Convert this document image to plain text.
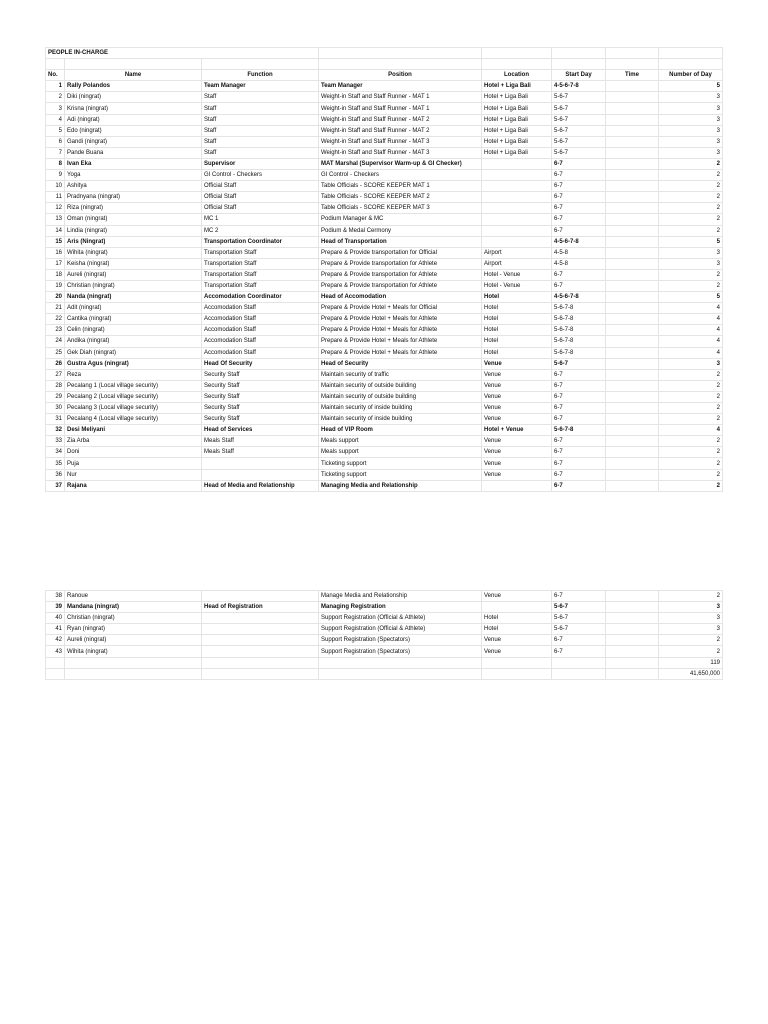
PEOPLE IN-CHARGE							

No.	Name	Function	Position	Location	Start Day	Time	Number of Day
1	Rally Polandos	Team Manager	Team Manager	Hotel + Liga Bali	4-5-6-7-8		5
2	Diki (ningrat)	Staff	Weight-in Staff and Staff Runner - MAT 1	Hotel + Liga Bali	5-6-7		3
3	Krisna (ningrat)	Staff	Weight-in Staff and Staff Runner - MAT 1	Hotel + Liga Bali	5-6-7		3
4	Adi (ningrat)	Staff	Weight-in Staff and Staff Runner - MAT 2	Hotel + Liga Bali	5-6-7		3
5	Edo (ningrat)	Staff	Weight-in Staff and Staff Runner - MAT 2	Hotel + Liga Bali	5-6-7		3
6	Gandi (ningrat)	Staff	Weight-in Staff and Staff Runner - MAT 3	Hotel + Liga Bali	5-6-7		3
7	Pande Buana	Staff	Weight-in Staff and Staff Runner - MAT 3	Hotel + Liga Bali	5-6-7		3
8	Ivan Eka	Supervisor	MAT Marshal (Supervisor Warm-up & GI Checker)		6-7		2
9	Yoga	GI Control - Checkers	GI Control - Checkers		6-7		2
10	Ashitya	Official Staff	Table Officials - SCORE KEEPER MAT 1		6-7		2
11	Pradnyana (ningrat)	Official Staff	Table Officials - SCORE KEEPER MAT 2		6-7		2
12	Riza (ningrat)	Official Staff	Table Officials - SCORE KEEPER MAT 3		6-7		2
13	Oman (ningrat)	MC 1	Podium Manager & MC		6-7		2
14	Lindia (ningrat)	MC 2	Podium & Medal Cermony		6-7		2
15	Aris (Ningrat)	Transportation Coordinator	Head of Transportation		4-5-6-7-8		5
16	Wihita (ningrat)	Transportation Staff	Prepare & Provide transportation for Official	Airport	4-5-8		3
17	Keisha (ningrat)	Transportation Staff	Prepare & Provide transportation for Athlete	Airport	4-5-8		3
18	Aureli (ningrat)	Transportation Staff	Prepare & Provide transportation for Athlete	Hotel - Venue	6-7		2
19	Christian (ningrat)	Transportation Staff	Prepare & Provide transportation for Athlete	Hotel - Venue	6-7		2
20	Nanda (ningrat)	Accomodation Coordinator	Head of Accomodation	Hotel	4-5-6-7-8		5
21	Adit (ningrat)	Accomodation Staff	Prepare & Provide Hotel + Meals for Official	Hotel	5-6-7-8		4
22	Cantika (ningrat)	Accomodation Staff	Prepare & Provide Hotel + Meals for Athlete	Hotel	5-6-7-8		4
23	Celin (ningrat)	Accomodation Staff	Prepare & Provide Hotel + Meals for Athlete	Hotel	5-6-7-8		4
24	Andika (ningrat)	Accomodation Staff	Prepare & Provide Hotel + Meals for Athlete	Hotel	5-6-7-8		4
25	Gek Diah (ningrat)	Accomodation Staff	Prepare & Provide Hotel + Meals for Athlete	Hotel	5-6-7-8		4
26	Gustra Agus (ningrat)	Head Of Security	Head of Security	Venue	5-6-7		3
27	Reza	Security Staff	Maintain security of traffic	Venue	6-7		2
28	Pecalang 1 (Local village security)	Security Staff	Maintain security of outside building	Venue	6-7		2
29	Pecalang 2 (Local village security)	Security Staff	Maintain security of outside building	Venue	6-7		2
30	Pecalang 3 (Local village security)	Security Staff	Maintain security of inside building	Venue	6-7		2
31	Pecalang 4 (Local village security)	Security Staff	Maintain security of inside building	Venue	6-7		2
32	Desi Meliyani	Head of Services	Head of VIP Room	Hotel + Venue	5-6-7-8		4
33	Zia Arba	Meals Staff	Meals support	Venue	6-7		2
34	Doni	Meals Staff	Meals support	Venue	6-7		2
35	Puja		Ticketing support	Venue	6-7		2
36	Nur		Ticketing support	Venue	6-7		2
37	Rajana	Head of Media and Relationship	Managing Media and Relationship		6-7		2
38	Ranoue		Manage Media and Relationship	Venue	6-7		2
39	Mandana (ningrat)	Head of Registration	Managing Registration		5-6-7		3
40	Christian (ningrat)		Support Registration (Official & Athlete)	Hotel	5-6-7		3
41	Ryan (ningrat)		Support Registration (Official & Athlete)	Hotel	5-6-7		3
42	Aureli (ningrat)		Support Registration (Spectators)	Venue	6-7		2
43	Wihita (ningrat)		Support Registration (Spectators)	Venue	6-7		2
							119
							41,650,000
